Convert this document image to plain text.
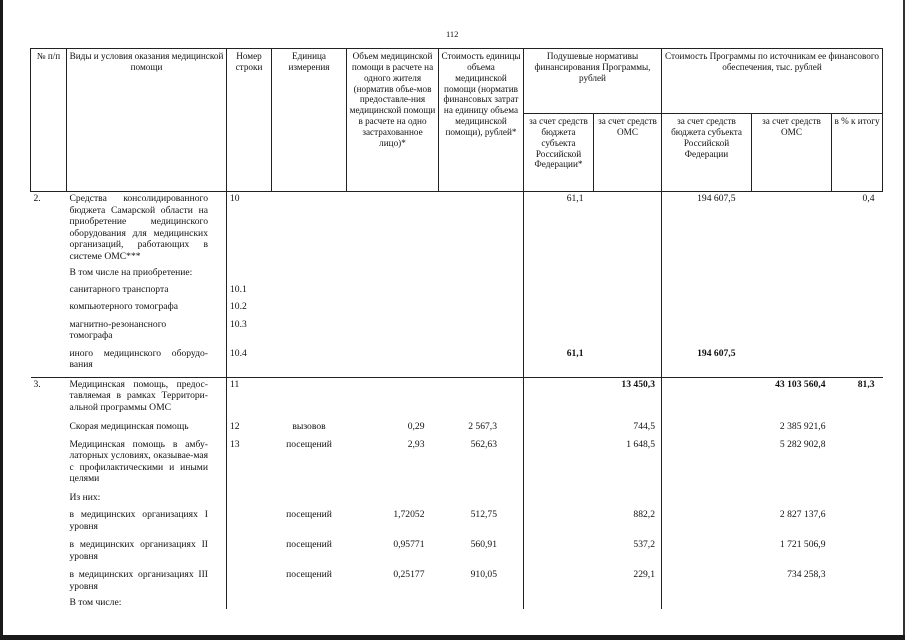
112
№ п/п	Виды и условия оказания медицинской помощи	Номер строки	Единица измерения	Объем медицинской помощи в расчете на одного жителя (норматив объе-мов предоставле-ния медицинской помощи в расчете на одно застрахованное лицо)*	Стоимость единицы объема медицинской помощи (норматив финансовых затрат на единицу объема медицинской помощи), рублей*	Подушевые нормативы финансирования Программы, рублей		Стоимость Программы по источникам ее финансового обеспечения, тыс. рублей		
						за счет средств бюджета субъекта Российской Федерации*	за счет средств ОМС	за счет средств бюджета субъекта Российской Федерации	за счет средств ОМС	в % к итогу
2.	Средства консолидированного бюджета Самарской области на приобретение медицинского оборудования для медицинских организаций, работающих в системе ОМС***	10				61,1		194 607,5		0,4
	В том числе на приобретение:									
	санитарного транспорта	10.1								
	компьютерного томографа	10.2								
	магнитно-резонансного томографа	10.3								
	иного медицинского оборудо-вания	10.4				61,1		194 607,5		
3.	Медицинская помощь, предос-тавляемая в рамках Территори-альной программы ОМС	11					13 450,3		43 103 560,4	81,3
	Скорая медицинская помощь	12	вызовов	0,29	2 567,3		744,5		2 385 921,6	
	Медицинская помощь в амбу-латорных условиях, оказывае-мая с профилактическими и иными целями	13	посещений	2,93	562,63		1 648,5		5 282 902,8	
	Из них:									
	в медицинских организациях I уровня		посещений	1,72052	512,75		882,2		2 827 137,6	
	в медицинских организациях II уровня		посещений	0,95771	560,91		537,2		1 721 506,9	
	в медицинских организациях III уровня		посещений	0,25177	910,05		229,1		734 258,3	
	В том числе:									
